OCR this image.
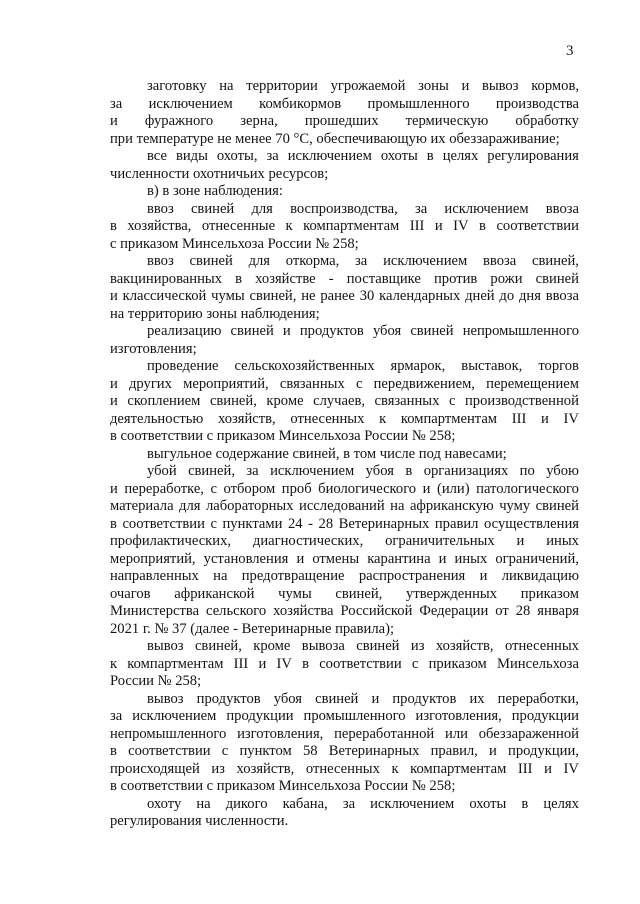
3
заготовку на территории угрожаемой зоны и вывоз кормов,
за исключением комбикормов промышленного производства
и фуражного зерна, прошедших термическую обработку
при температуре не менее 70 °С, обеспечивающую их обеззараживание;
все виды охоты, за исключением охоты в целях регулирования
численности охотничьих ресурсов;
в) в зоне наблюдения:
ввоз свиней для воспроизводства, за исключением ввоза
в хозяйства, отнесенные к компартментам III и IV в соответствии
с приказом Минсельхоза России № 258;
ввоз свиней для откорма, за исключением ввоза свиней,
вакцинированных в хозяйстве - поставщике против рожи свиней
и классической чумы свиней, не ранее 30 календарных дней до дня ввоза
на территорию зоны наблюдения;
реализацию свиней и продуктов убоя свиней непромышленного
изготовления;
проведение сельскохозяйственных ярмарок, выставок, торгов
и других мероприятий, связанных с передвижением, перемещением
и скоплением свиней, кроме случаев, связанных с производственной
деятельностью хозяйств, отнесенных к компартментам III и IV
в соответствии с приказом Минсельхоза России № 258;
выгульное содержание свиней, в том числе под навесами;
убой свиней, за исключением убоя в организациях по убою
и переработке, с отбором проб биологического и (или) патологического
материала для лабораторных исследований на африканскую чуму свиней
в соответствии с пунктами 24 - 28 Ветеринарных правил осуществления
профилактических, диагностических, ограничительных и иных
мероприятий, установления и отмены карантина и иных ограничений,
направленных на предотвращение распространения и ликвидацию
очагов африканской чумы свиней, утвержденных приказом
Министерства сельского хозяйства Российской Федерации от 28 января
2021 г. № 37 (далее - Ветеринарные правила);
вывоз свиней, кроме вывоза свиней из хозяйств, отнесенных
к компартментам III и IV в соответствии с приказом Минсельхоза
России № 258;
вывоз продуктов убоя свиней и продуктов их переработки,
за исключением продукции промышленного изготовления, продукции
непромышленного изготовления, переработанной или обеззараженной
в соответствии с пунктом 58 Ветеринарных правил, и продукции,
происходящей из хозяйств, отнесенных к компартментам III и IV
в соответствии с приказом Минсельхоза России № 258;
охоту на дикого кабана, за исключением охоты в целях
регулирования численности.
